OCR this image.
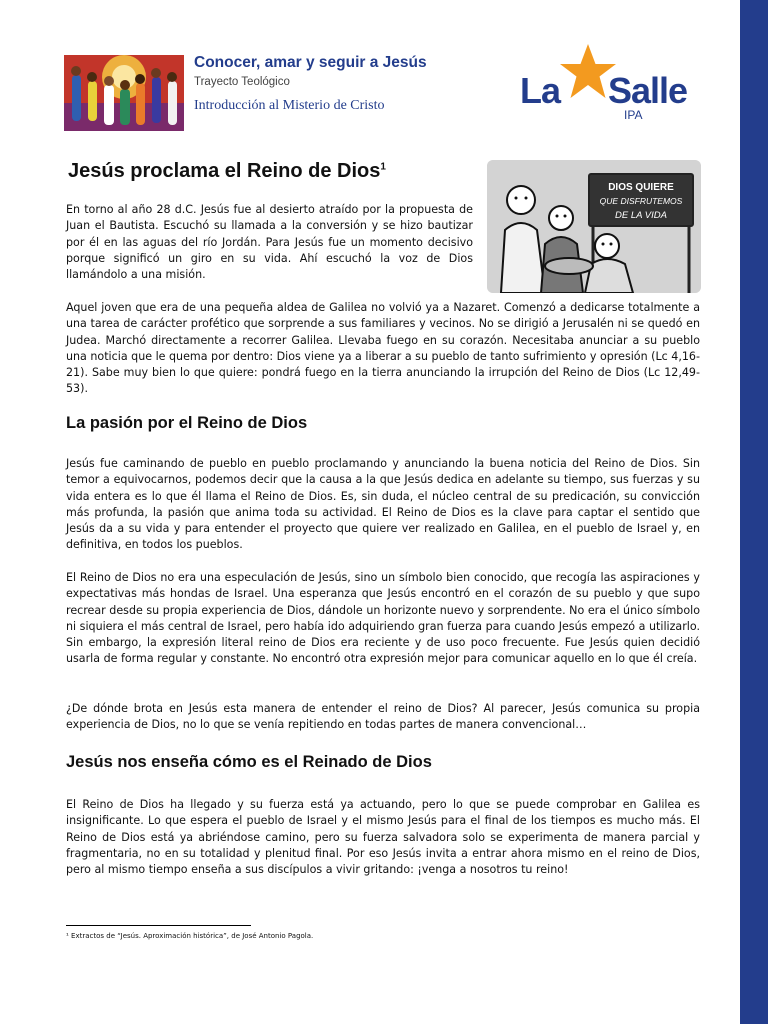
Conocer, amar y seguir a Jesús
Trayecto Teológico
Introducción al Misterio de Cristo	La Salle
IPA
Jesús proclama el Reino de Dios$^1$
DIOS QUIERE
QUE DISFRUTEMOS
DE LA VIDA
En torno al año 28 d.C. Jesús fue al desierto atraído por la propuesta de Juan el Bautista. Escuchó su llamada a la conversión y se hizo bautizar por él en las aguas del río Jordán. Para Jesús fue un momento decisivo porque significó un giro en su vida. Ahí escuchó la voz de Dios llamándolo a una misión.
Aquel joven que era de una pequeña aldea de Galilea no volvió ya a Nazaret. Comenzó a dedicarse totalmente a una tarea de carácter profético que sorprende a sus familiares y vecinos. No se dirigió a Jerusalén ni se quedó en Judea. Marchó directamente a recorrer Galilea. Llevaba fuego en su corazón. Necesitaba anunciar a su pueblo una noticia que le quema por dentro: Dios viene ya a liberar a su pueblo de tanto sufrimiento y opresión (Lc 4,16-21). Sabe muy bien lo que quiere: pondrá fuego en la tierra anunciando la irrupción del Reino de Dios (Lc 12,49-53).
La pasión por el Reino de Dios
Jesús fue caminando de pueblo en pueblo proclamando y anunciando la buena noticia del Reino de Dios. Sin temor a equivocarnos, podemos decir que la causa a la que Jesús dedica en adelante su tiempo, sus fuerzas y su vida entera es lo que él llama el Reino de Dios. Es, sin duda, el núcleo central de su predicación, su convicción más profunda, la pasión que anima toda su actividad. El Reino de Dios es la clave para captar el sentido que Jesús da a su vida y para entender el proyecto que quiere ver realizado en Galilea, en el pueblo de Israel y, en definitiva, en todos los pueblos.
El Reino de Dios no era una especulación de Jesús, sino un símbolo bien conocido, que recogía las aspiraciones y expectativas más hondas de Israel. Una esperanza que Jesús encontró en el corazón de su pueblo y que supo recrear desde su propia experiencia de Dios, dándole un horizonte nuevo y sorprendente. No era el único símbolo ni siquiera el más central de Israel, pero había ido adquiriendo gran fuerza para cuando Jesús empezó a utilizarlo. Sin embargo, la expresión literal reino de Dios era reciente y de uso poco frecuente. Fue Jesús quien decidió usarla de forma regular y constante. No encontró otra expresión mejor para comunicar aquello en lo que él creía.
¿De dónde brota en Jesús esta manera de entender el reino de Dios? Al parecer, Jesús comunica su propia experiencia de Dios, no lo que se venía repitiendo en todas partes de manera convencional…
Jesús nos enseña cómo es el Reinado de Dios
El Reino de Dios ha llegado y su fuerza está ya actuando, pero lo que se puede comprobar en Galilea es insignificante. Lo que espera el pueblo de Israel y el mismo Jesús para el final de los tiempos es mucho más. El Reino de Dios está ya abriéndose camino, pero su fuerza salvadora solo se experimenta de manera parcial y fragmentaria, no en su totalidad y plenitud final. Por eso Jesús invita a entrar ahora mismo en el reino de Dios, pero al mismo tiempo enseña a sus discípulos a vivir gritando: ¡venga a nosotros tu reino!
¹ Extractos de “Jesús. Aproximación histórica”, de José Antonio Pagola.
